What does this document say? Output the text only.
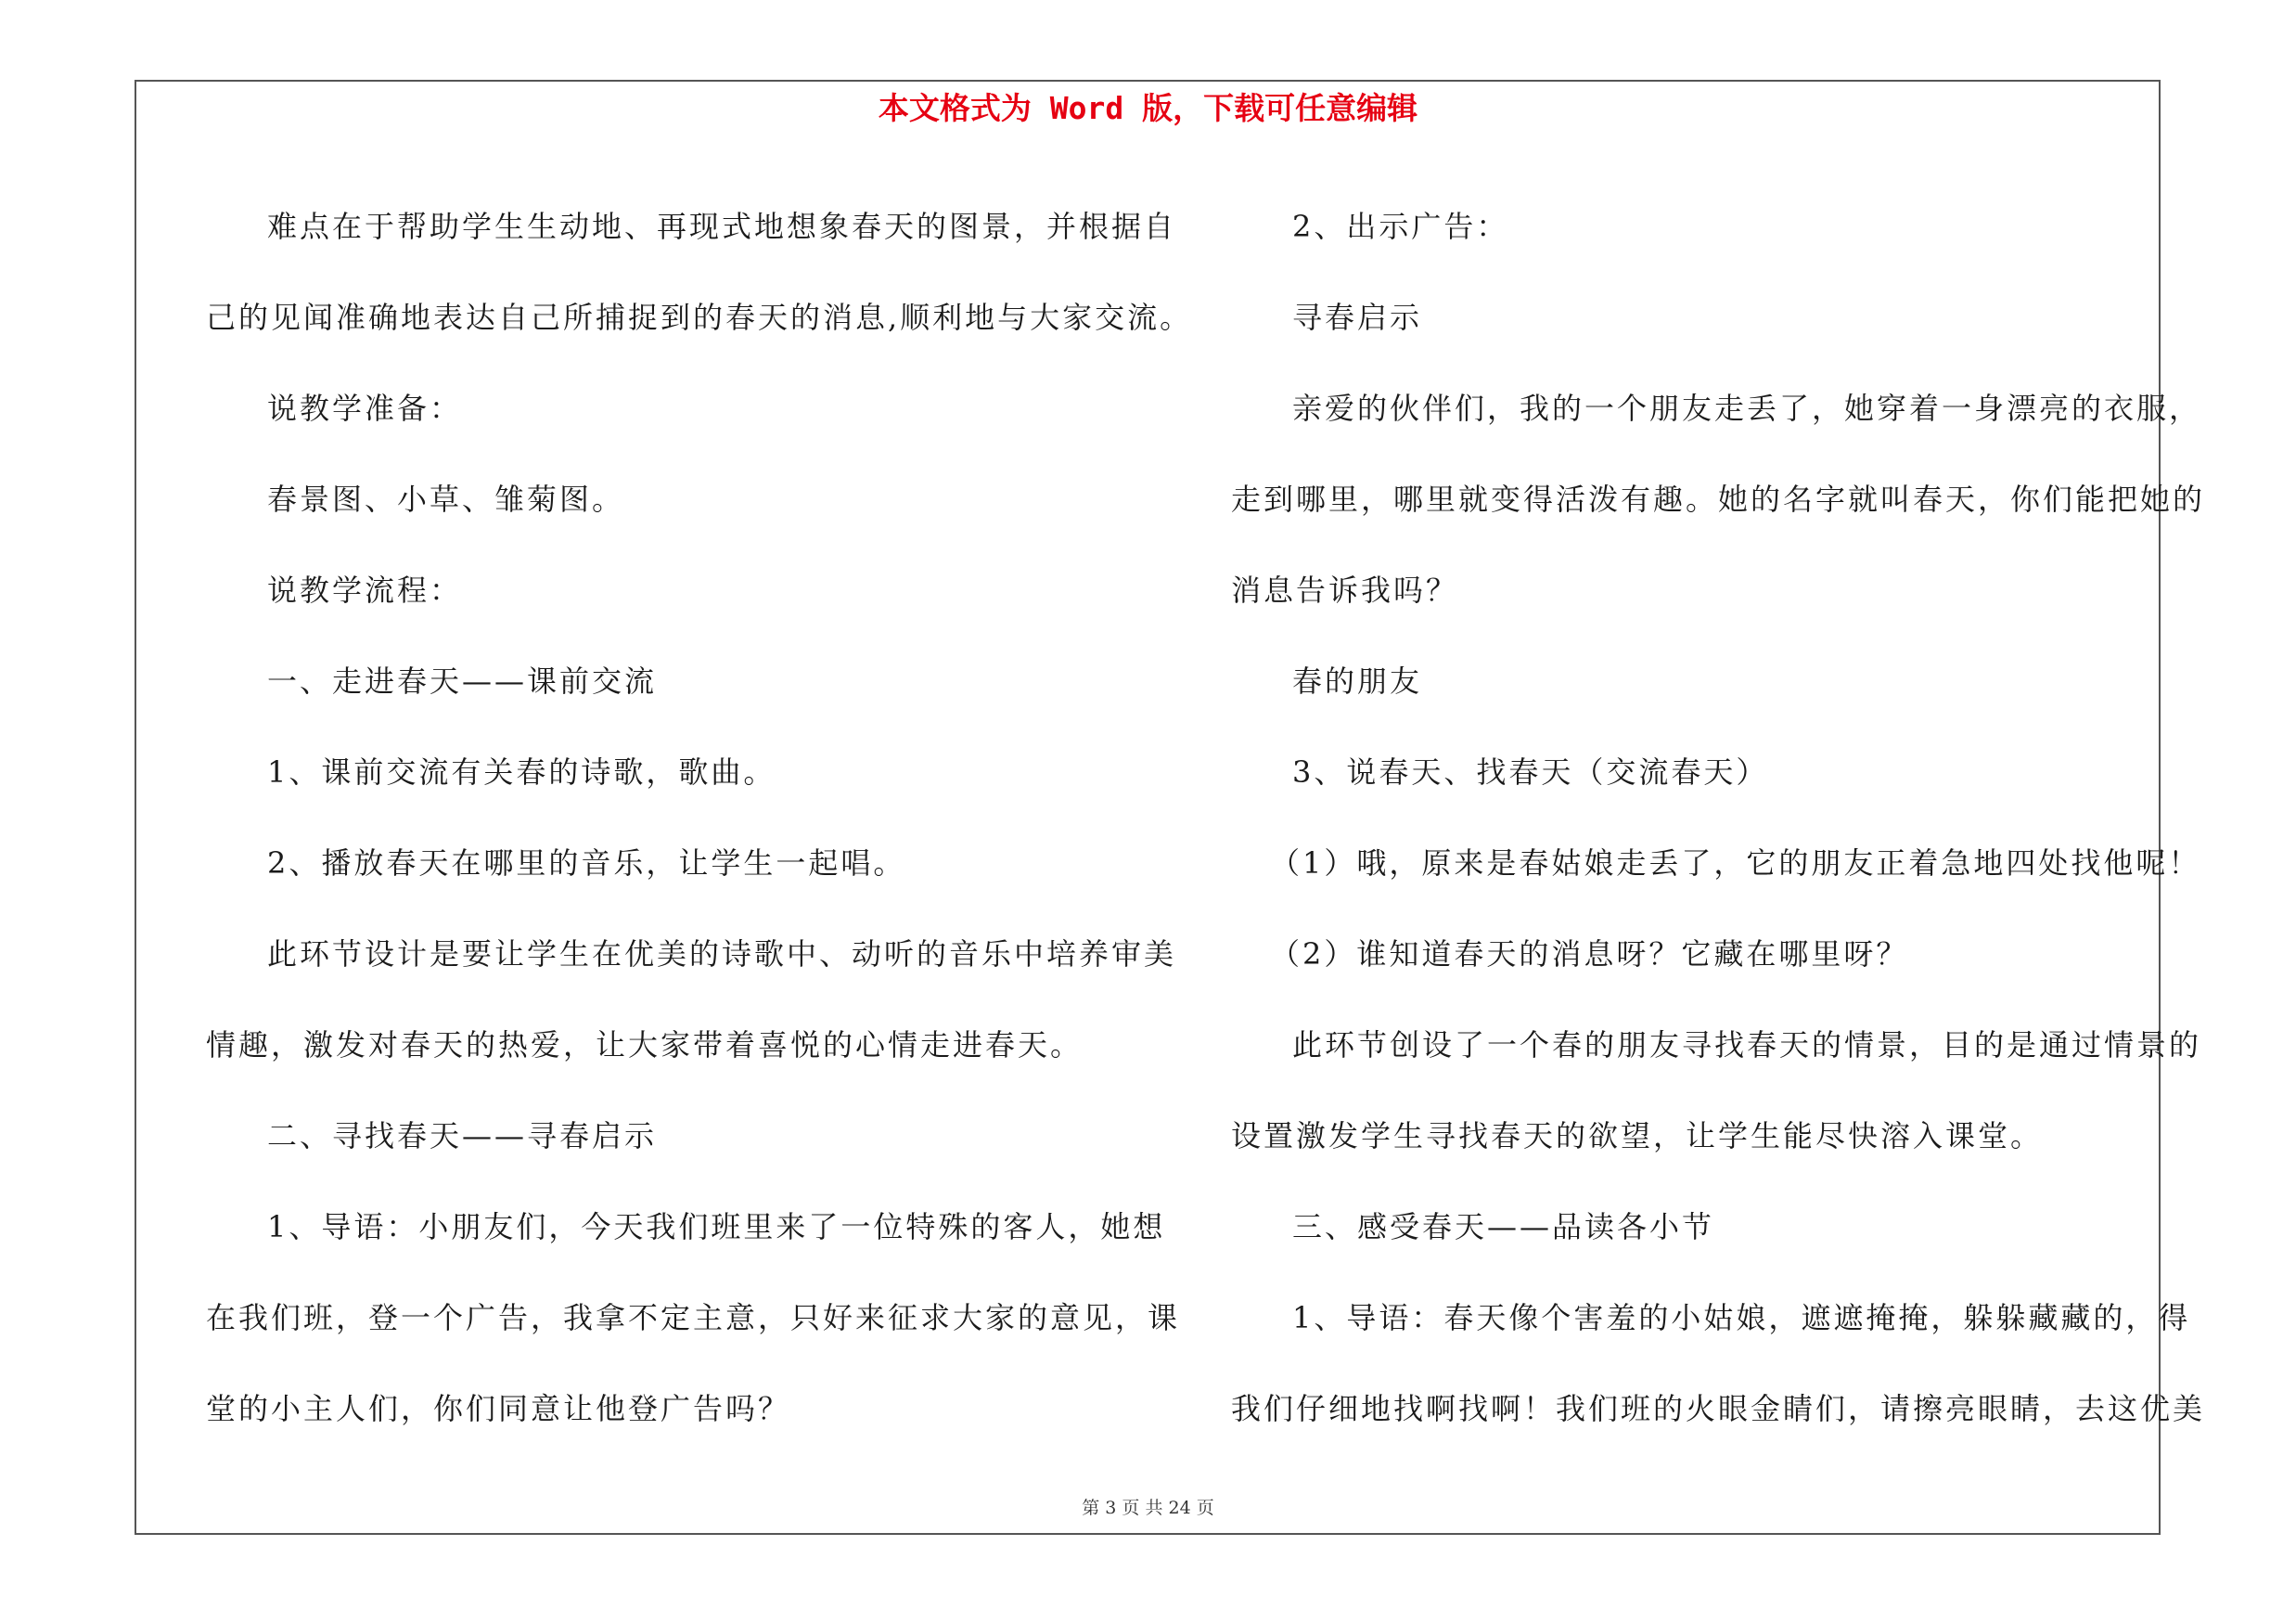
本文格式为 Word 版，下载可任意编辑

难点在于帮助学生生动地、再现式地想象春天的图景，并根据自

己的见闻准确地表达自己所捕捉到的春天的消息,顺利地与大家交流。

说教学准备：

春景图、小草、雏菊图。

说教学流程：

一、走进春天——课前交流

1、课前交流有关春的诗歌，歌曲。

2、播放春天在哪里的音乐，让学生一起唱。

此环节设计是要让学生在优美的诗歌中、动听的音乐中培养审美

情趣，激发对春天的热爱，让大家带着喜悦的心情走进春天。

二、寻找春天——寻春启示

1、导语：小朋友们，今天我们班里来了一位特殊的客人，她想

在我们班，登一个广告，我拿不定主意，只好来征求大家的意见，课

堂的小主人们，你们同意让他登广告吗？

2、出示广告：

寻春启示

亲爱的伙伴们，我的一个朋友走丢了，她穿着一身漂亮的衣服，

走到哪里，哪里就变得活泼有趣。她的名字就叫春天，你们能把她的

消息告诉我吗？

春的朋友

3、说春天、找春天（交流春天）

（1）哦，原来是春姑娘走丢了，它的朋友正着急地四处找他呢！

（2）谁知道春天的消息呀？它藏在哪里呀？

此环节创设了一个春的朋友寻找春天的情景，目的是通过情景的

设置激发学生寻找春天的欲望，让学生能尽快溶入课堂。

三、感受春天——品读各小节

1、导语：春天像个害羞的小姑娘，遮遮掩掩，躲躲藏藏的，得

我们仔细地找啊找啊！我们班的火眼金睛们，请擦亮眼睛，去这优美

第 3 页 共 24 页
